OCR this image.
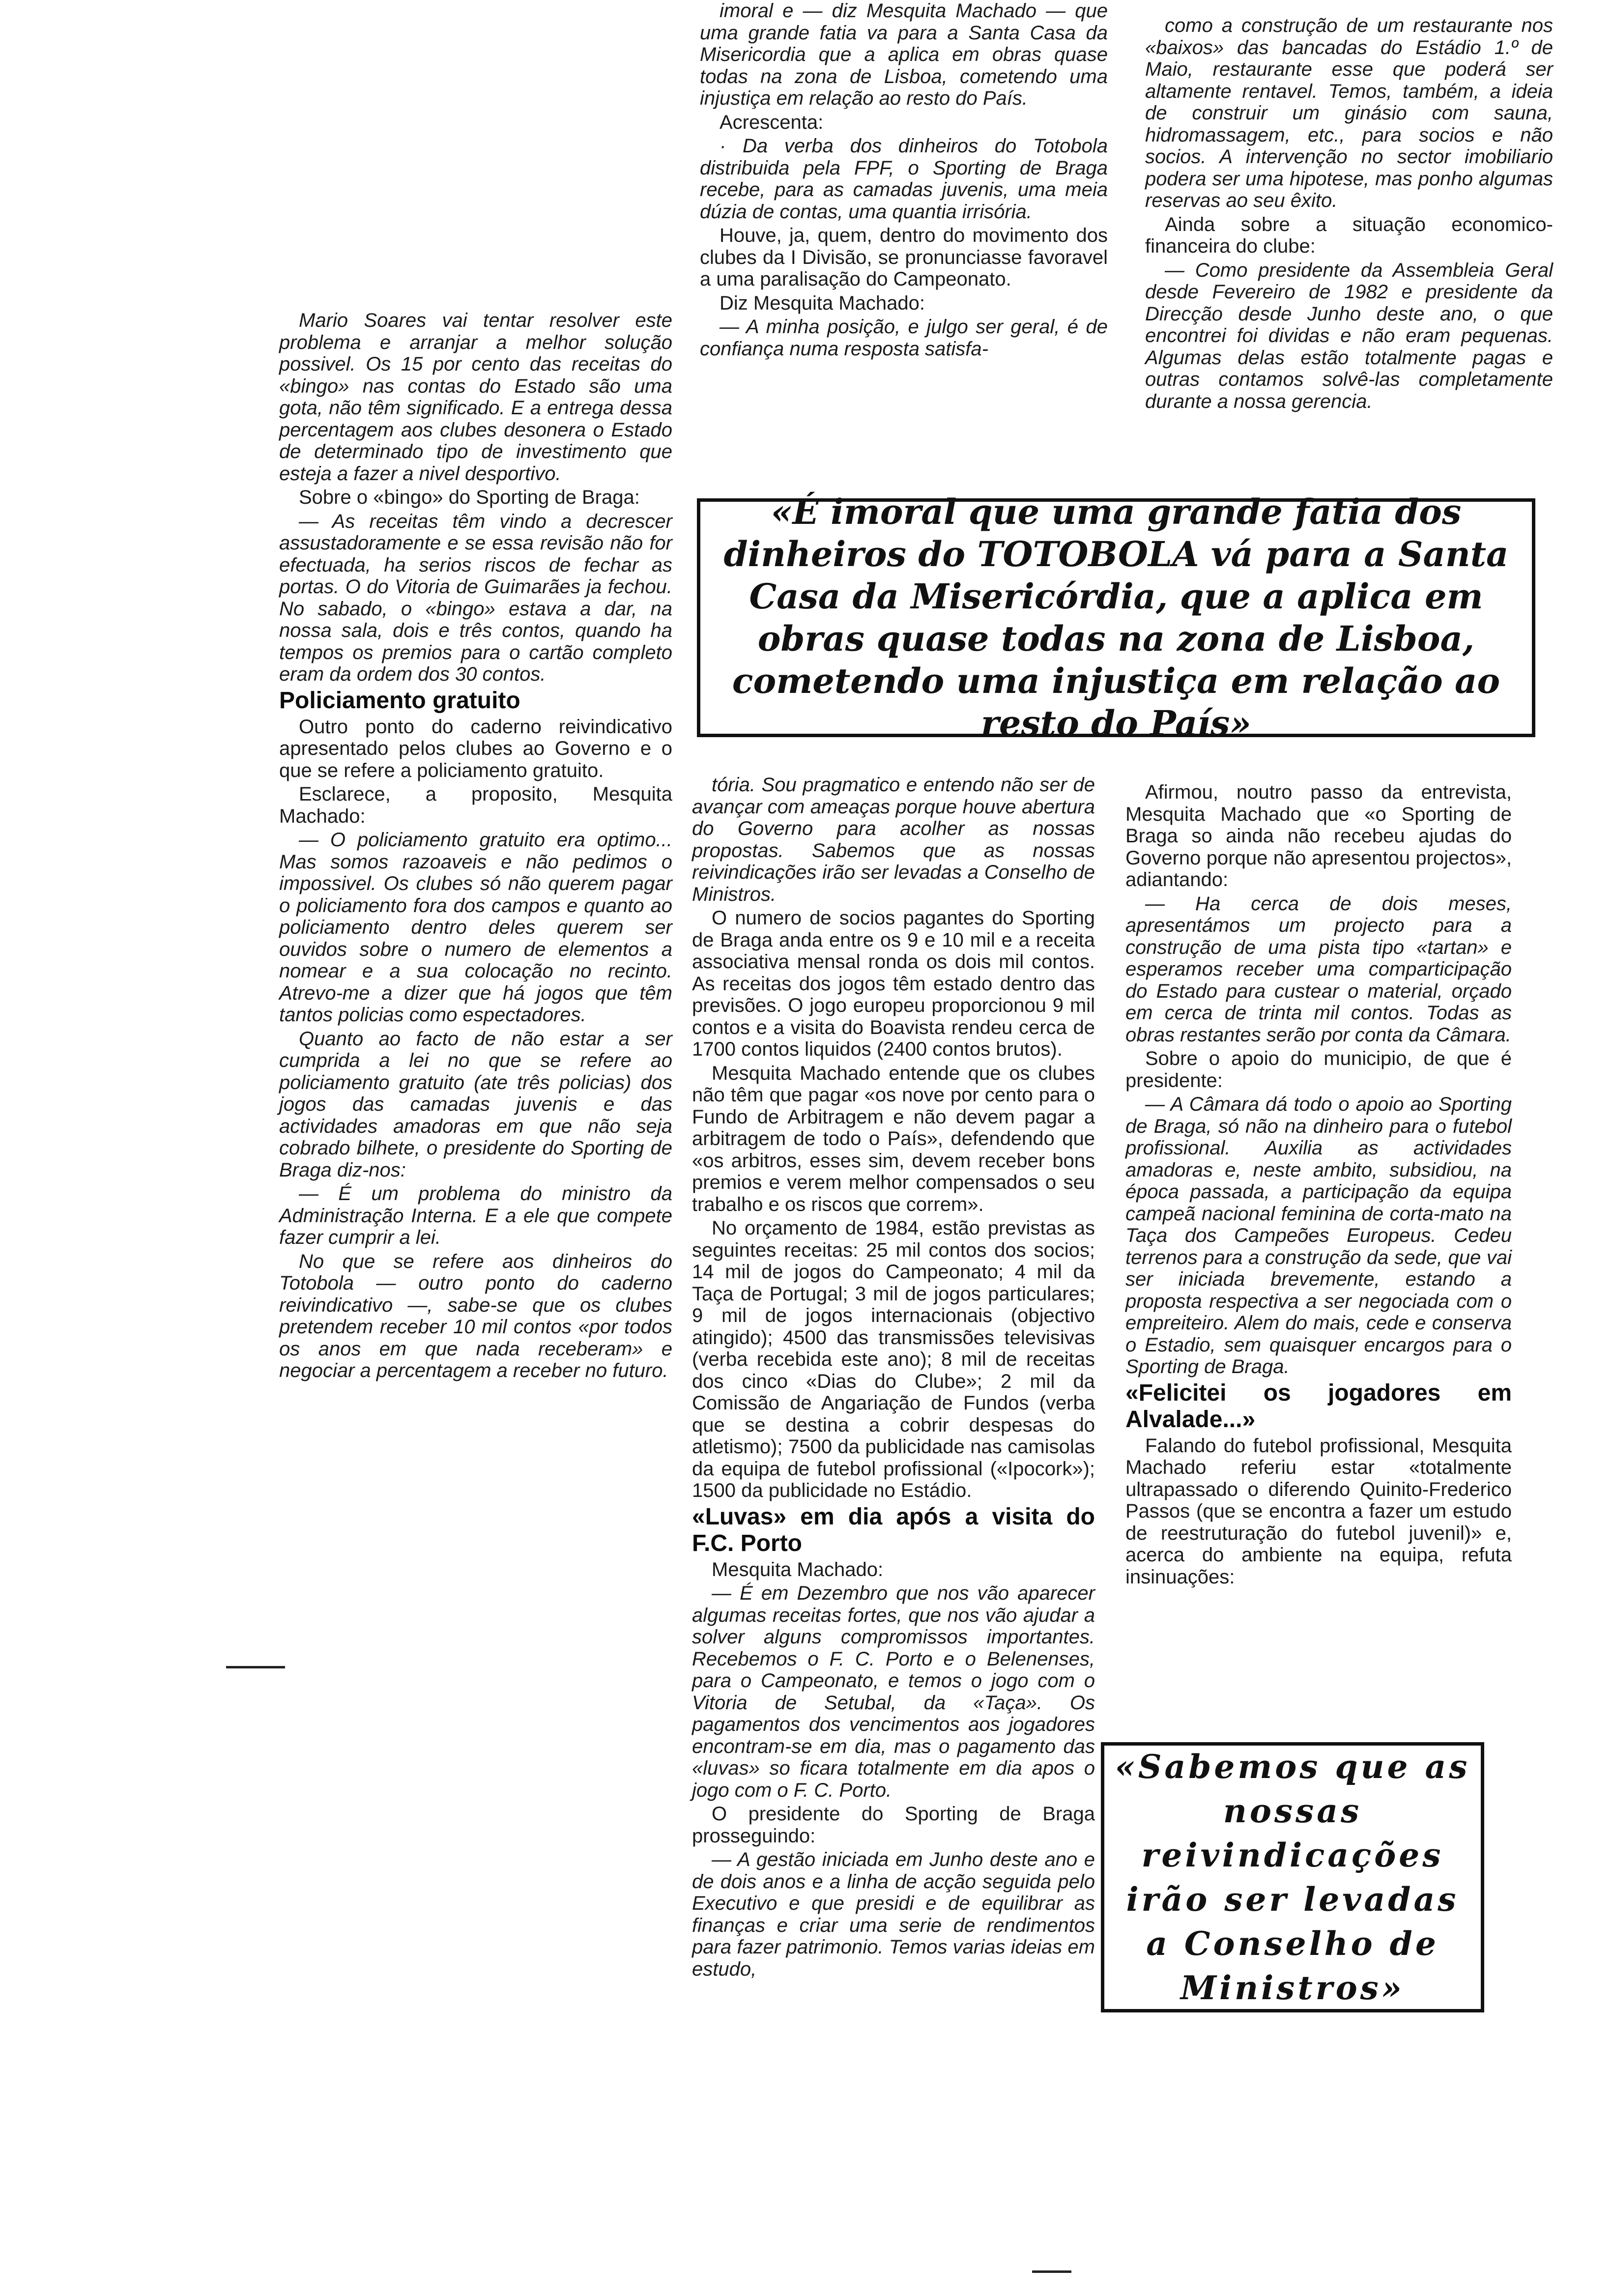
imoral e — diz Mesquita Machado — que uma grande fatia va para a Santa Casa da Misericordia que a aplica em obras quase todas na zona de Lisboa, cometendo uma injustiça em relação ao resto do País.

Acrescenta:

· Da verba dos dinheiros do Totobola distribuida pela FPF, o Sporting de Braga recebe, para as camadas juvenis, uma meia dúzia de contas, uma quantia irrisória.

Houve, ja, quem, dentro do movimento dos clubes da I Divisão, se pronunciasse favoravel a uma paralisação do Campeonato.

Diz Mesquita Machado:

— A minha posição, e julgo ser geral, é de confiança numa resposta satisfa-

como a construção de um restaurante nos «baixos» das bancadas do Estádio 1.º de Maio, restaurante esse que poderá ser altamente rentavel. Temos, também, a ideia de construir um ginásio com sauna, hidromassagem, etc., para socios e não socios. A intervenção no sector imobiliario podera ser uma hipotese, mas ponho algumas reservas ao seu êxito.

Ainda sobre a situação economico-financeira do clube:

— Como presidente da Assembleia Geral desde Fevereiro de 1982 e presidente da Direcção desde Junho deste ano, o que encontrei foi dividas e não eram pequenas. Algumas delas estão totalmente pagas e outras contamos solvê-las completamente durante a nossa gerencia.

Mario Soares vai tentar resolver este problema e arranjar a melhor solução possivel. Os 15 por cento das receitas do «bingo» nas contas do Estado são uma gota, não têm significado. E a entrega dessa percentagem aos clubes desonera o Estado de determinado tipo de investimento que esteja a fazer a nivel desportivo.

Sobre o «bingo» do Sporting de Braga:

— As receitas têm vindo a decrescer assustadoramente e se essa revisão não for efectuada, ha serios riscos de fechar as portas. O do Vitoria de Guimarães ja fechou. No sabado, o «bingo» estava a dar, na nossa sala, dois e três contos, quando ha tempos os premios para o cartão completo eram da ordem dos 30 contos.

Policiamento gratuito

Outro ponto do caderno reivindicativo apresentado pelos clubes ao Governo e o que se refere a policiamento gratuito.

Esclarece, a proposito, Mesquita Machado:

— O policiamento gratuito era optimo... Mas somos razoaveis e não pedimos o impossivel. Os clubes só não querem pagar o policiamento fora dos campos e quanto ao policiamento dentro deles querem ser ouvidos sobre o numero de elementos a nomear e a sua colocação no recinto. Atrevo-me a dizer que há jogos que têm tantos policias como espectadores.

Quanto ao facto de não estar a ser cumprida a lei no que se refere ao policiamento gratuito (ate três policias) dos jogos das camadas juvenis e das actividades amadoras em que não seja cobrado bilhete, o presidente do Sporting de Braga diz-nos:

— É um problema do ministro da Administração Interna. E a ele que compete fazer cumprir a lei.

No que se refere aos dinheiros do Totobola — outro ponto do caderno reivindicativo —, sabe-se que os clubes pretendem receber 10 mil contos «por todos os anos em que nada receberam» e negociar a percentagem a receber no futuro.

«É imoral que uma grande fatia dos dinheiros do TOTOBOLA vá para a Santa Casa da Misericórdia, que a aplica em obras quase todas na zona de Lisboa, cometendo uma injustiça em relação ao resto do País»

tória. Sou pragmatico e entendo não ser de avançar com ameaças porque houve abertura do Governo para acolher as nossas propostas. Sabemos que as nossas reivindicações irão ser levadas a Conselho de Ministros.

O numero de socios pagantes do Sporting de Braga anda entre os 9 e 10 mil e a receita associativa mensal ronda os dois mil contos. As receitas dos jogos têm estado dentro das previsões. O jogo europeu proporcionou 9 mil contos e a visita do Boavista rendeu cerca de 1700 contos liquidos (2400 contos brutos).

Mesquita Machado entende que os clubes não têm que pagar «os nove por cento para o Fundo de Arbitragem e não devem pagar a arbitragem de todo o País», defendendo que «os arbitros, esses sim, devem receber bons premios e verem melhor compensados o seu trabalho e os riscos que correm».

No orçamento de 1984, estão previstas as seguintes receitas: 25 mil contos dos socios; 14 mil de jogos do Campeonato; 4 mil da Taça de Portugal; 3 mil de jogos particulares; 9 mil de jogos internacionais (objectivo atingido); 4500 das transmissões televisivas (verba recebida este ano); 8 mil de receitas dos cinco «Dias do Clube»; 2 mil da Comissão de Angariação de Fundos (verba que se destina a cobrir despesas do atletismo); 7500 da publicidade nas camisolas da equipa de futebol profissional («Ipocork»); 1500 da publicidade no Estádio.

«Luvas» em dia após a visita do F.C. Porto

Mesquita Machado:

— É em Dezembro que nos vão aparecer algumas receitas fortes, que nos vão ajudar a solver alguns compromissos importantes. Recebemos o F. C. Porto e o Belenenses, para o Campeonato, e temos o jogo com o Vitoria de Setubal, da «Taça». Os pagamentos dos vencimentos aos jogadores encontram-se em dia, mas o pagamento das «luvas» so ficara totalmente em dia apos o jogo com o F. C. Porto.

O presidente do Sporting de Braga prosseguindo:

— A gestão iniciada em Junho deste ano e de dois anos e a linha de acção seguida pelo Executivo e que presidi e de equilibrar as finanças e criar uma serie de rendimentos para fazer patrimonio. Temos varias ideias em estudo,

Afirmou, noutro passo da entrevista, Mesquita Machado que «o Sporting de Braga so ainda não recebeu ajudas do Governo porque não apresentou projectos», adiantando:

— Ha cerca de dois meses, apresentámos um projecto para a construção de uma pista tipo «tartan» e esperamos receber uma comparticipação do Estado para custear o material, orçado em cerca de trinta mil contos. Todas as obras restantes serão por conta da Câmara.

Sobre o apoio do municipio, de que é presidente:

— A Câmara dá todo o apoio ao Sporting de Braga, só não na dinheiro para o futebol profissional. Auxilia as actividades amadoras e, neste ambito, subsidiou, na época passada, a participação da equipa campeã nacional feminina de corta-mato na Taça dos Campeões Europeus. Cedeu terrenos para a construção da sede, que vai ser iniciada brevemente, estando a proposta respectiva a ser negociada com o empreiteiro. Alem do mais, cede e conserva o Estadio, sem quaisquer encargos para o Sporting de Braga.

«Felicitei os jogadores em Alvalade...»

Falando do futebol profissional, Mesquita Machado referiu estar «totalmente ultrapassado o diferendo Quinito-Frederico Passos (que se encontra a fazer um estudo de reestruturação do futebol juvenil)» e, acerca do ambiente na equipa, refuta insinuações:

«Sabemos que as nossas reivindicações irão ser levadas a Conselho de Ministros»
